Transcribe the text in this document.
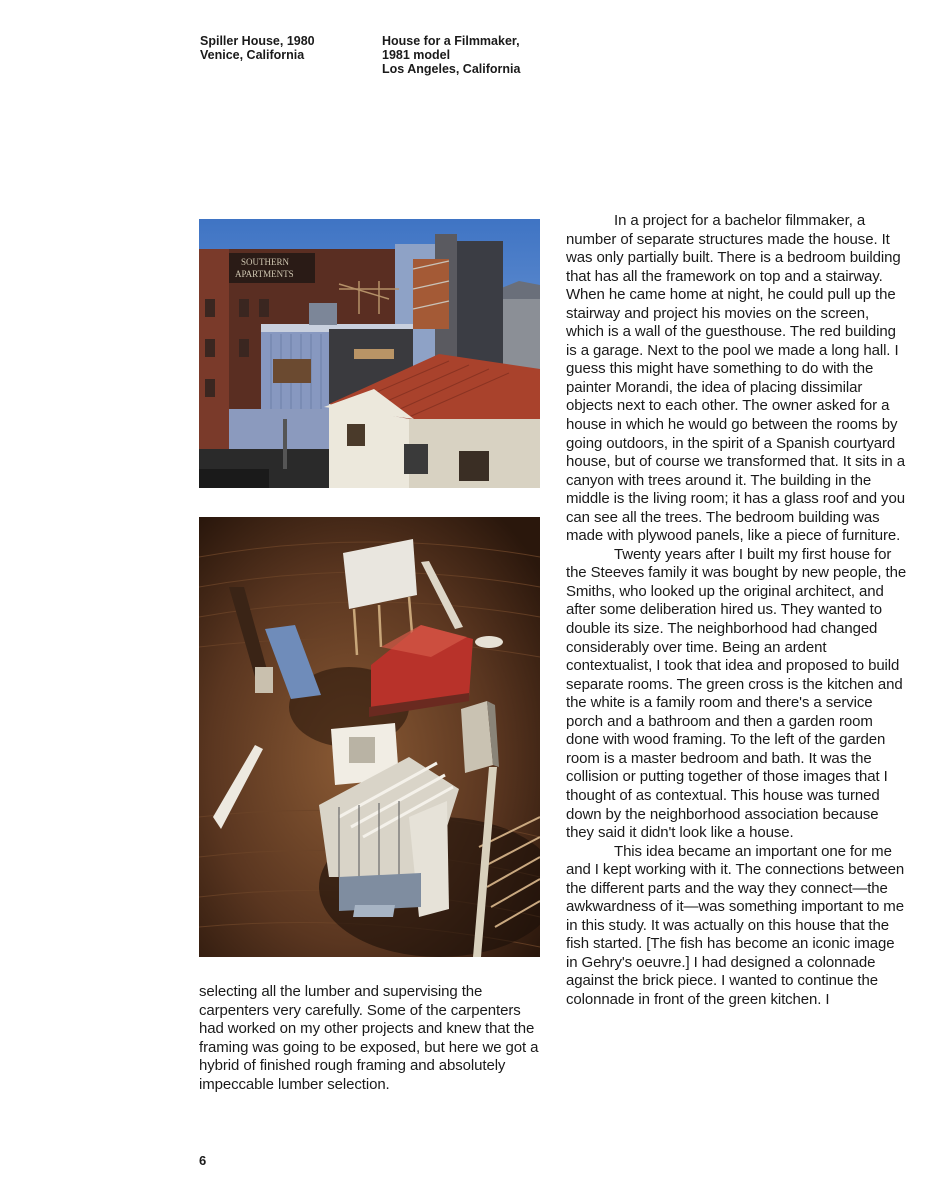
Spiller House, 1980
Venice, California
House for a Filmmaker,
1981 model
Los Angeles, California
SOUTHERN
APARTMENTS

In a project for a bachelor filmmaker, a number of separate structures made the house. It was only partially built. There is a bedroom building that has all the framework on top and a stairway. When he came home at night, he could pull up the stairway and project his movies on the screen, which is a wall of the guesthouse. The red building is a garage. Next to the pool we made a long hall. I guess this might have something to do with the painter Morandi, the idea of placing dissimilar objects next to each other. The owner asked for a house in which he would go between the rooms by going outdoors, in the spirit of a Spanish courtyard house, but of course we transformed that. It sits in a canyon with trees around it. The building in the middle is the living room; it has a glass roof and you can see all the trees. The bedroom building was made with plywood panels, like a piece of furniture.

Twenty years after I built my first house for the Steeves family it was bought by new people, the Smiths, who looked up the original architect, and after some deliberation hired us. They wanted to double its size. The neighborhood had changed considerably over time. Being an ardent contextualist, I took that idea and proposed to build separate rooms. The green cross is the kitchen and the white is a family room and there's a service porch and a bathroom and then a garden room done with wood framing. To the left of the garden room is a master bedroom and bath. It was the collision or putting together of those images that I thought of as contextual. This house was turned down by the neighborhood association because they said it didn't look like a house.

This idea became an important one for me and I kept working with it. The connections between the different parts and the way they connect—the awkwardness of it—was something important to me in this study. It was actually on this house that the fish started. [The fish has become an iconic image in Gehry's oeuvre.] I had designed a colonnade against the brick piece. I wanted to continue the colonnade in front of the green kitchen. I

selecting all the lumber and supervising the carpenters very carefully. Some of the carpenters had worked on my other projects and knew that the framing was going to be exposed, but here we got a hybrid of finished rough framing and absolutely impeccable lumber selection.

6
